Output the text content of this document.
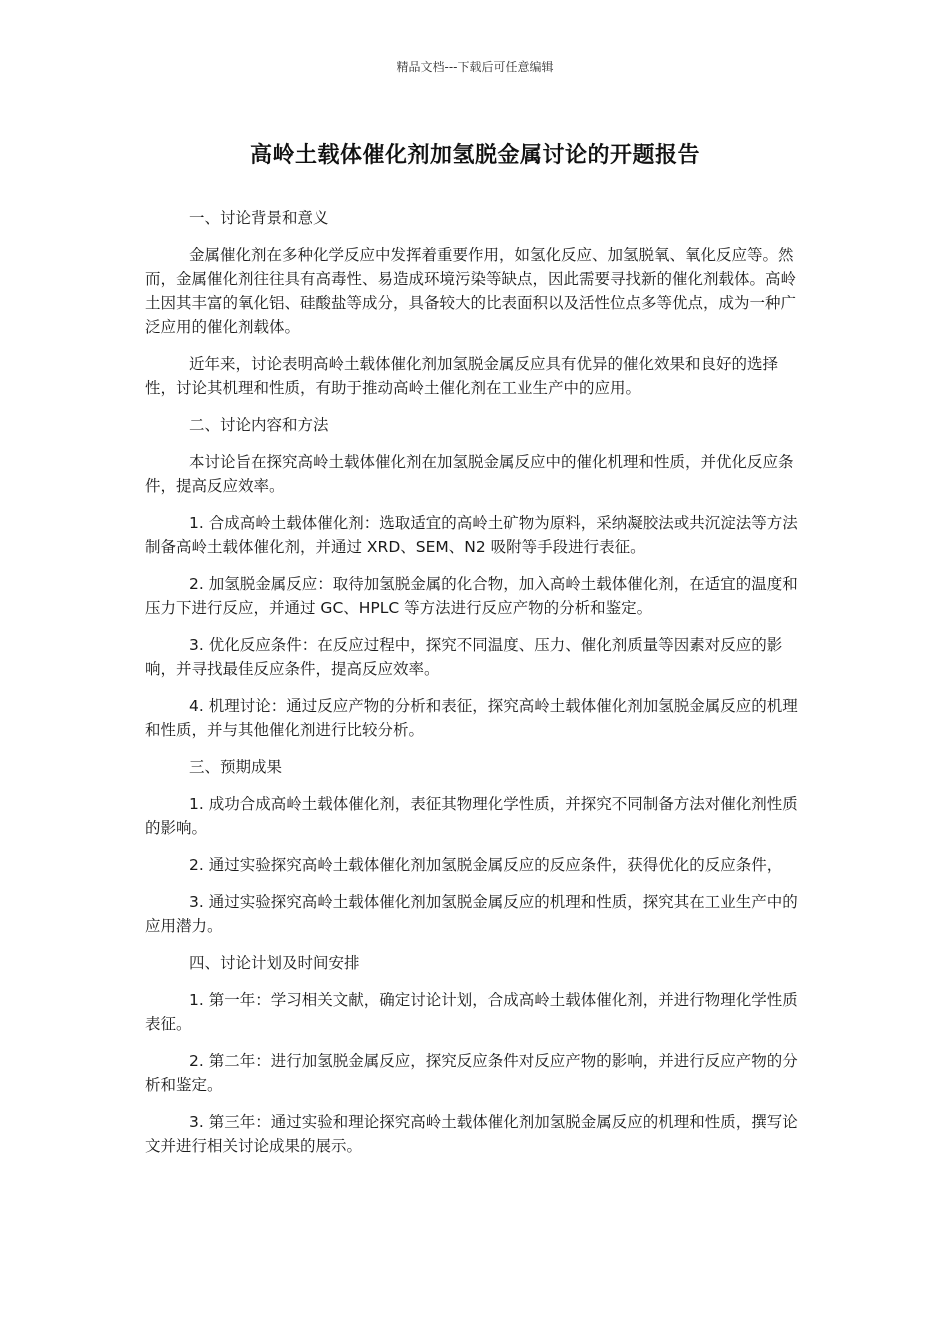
精品文档---下载后可任意编辑
高岭土载体催化剂加氢脱金属讨论的开题报告

一、讨论背景和意义

金属催化剂在多种化学反应中发挥着重要作用，如氢化反应、加氢脱氧、氧化反应等。然而，金属催化剂往往具有高毒性、易造成环境污染等缺点，因此需要寻找新的催化剂载体。高岭土因其丰富的氧化铝、硅酸盐等成分，具备较大的比表面积以及活性位点多等优点，成为一种广泛应用的催化剂载体。

近年来，讨论表明高岭土载体催化剂加氢脱金属反应具有优异的催化效果和良好的选择性，讨论其机理和性质，有助于推动高岭土催化剂在工业生产中的应用。

二、讨论内容和方法

本讨论旨在探究高岭土载体催化剂在加氢脱金属反应中的催化机理和性质，并优化反应条件，提高反应效率。

1. 合成高岭土载体催化剂：选取适宜的高岭土矿物为原料，采纳凝胶法或共沉淀法等方法制备高岭土载体催化剂，并通过 XRD、SEM、N2 吸附等手段进行表征。

2. 加氢脱金属反应：取待加氢脱金属的化合物，加入高岭土载体催化剂，在适宜的温度和压力下进行反应，并通过 GC、HPLC 等方法进行反应产物的分析和鉴定。

3. 优化反应条件：在反应过程中，探究不同温度、压力、催化剂质量等因素对反应的影响，并寻找最佳反应条件，提高反应效率。

4. 机理讨论：通过反应产物的分析和表征，探究高岭土载体催化剂加氢脱金属反应的机理和性质，并与其他催化剂进行比较分析。

三、预期成果

1. 成功合成高岭土载体催化剂，表征其物理化学性质，并探究不同制备方法对催化剂性质的影响。

2. 通过实验探究高岭土载体催化剂加氢脱金属反应的反应条件，获得优化的反应条件，

3. 通过实验探究高岭土载体催化剂加氢脱金属反应的机理和性质，探究其在工业生产中的应用潜力。

四、讨论计划及时间安排

1. 第一年：学习相关文献，确定讨论计划，合成高岭土载体催化剂，并进行物理化学性质表征。

2. 第二年：进行加氢脱金属反应，探究反应条件对反应产物的影响，并进行反应产物的分析和鉴定。

3. 第三年：通过实验和理论探究高岭土载体催化剂加氢脱金属反应的机理和性质，撰写论文并进行相关讨论成果的展示。
